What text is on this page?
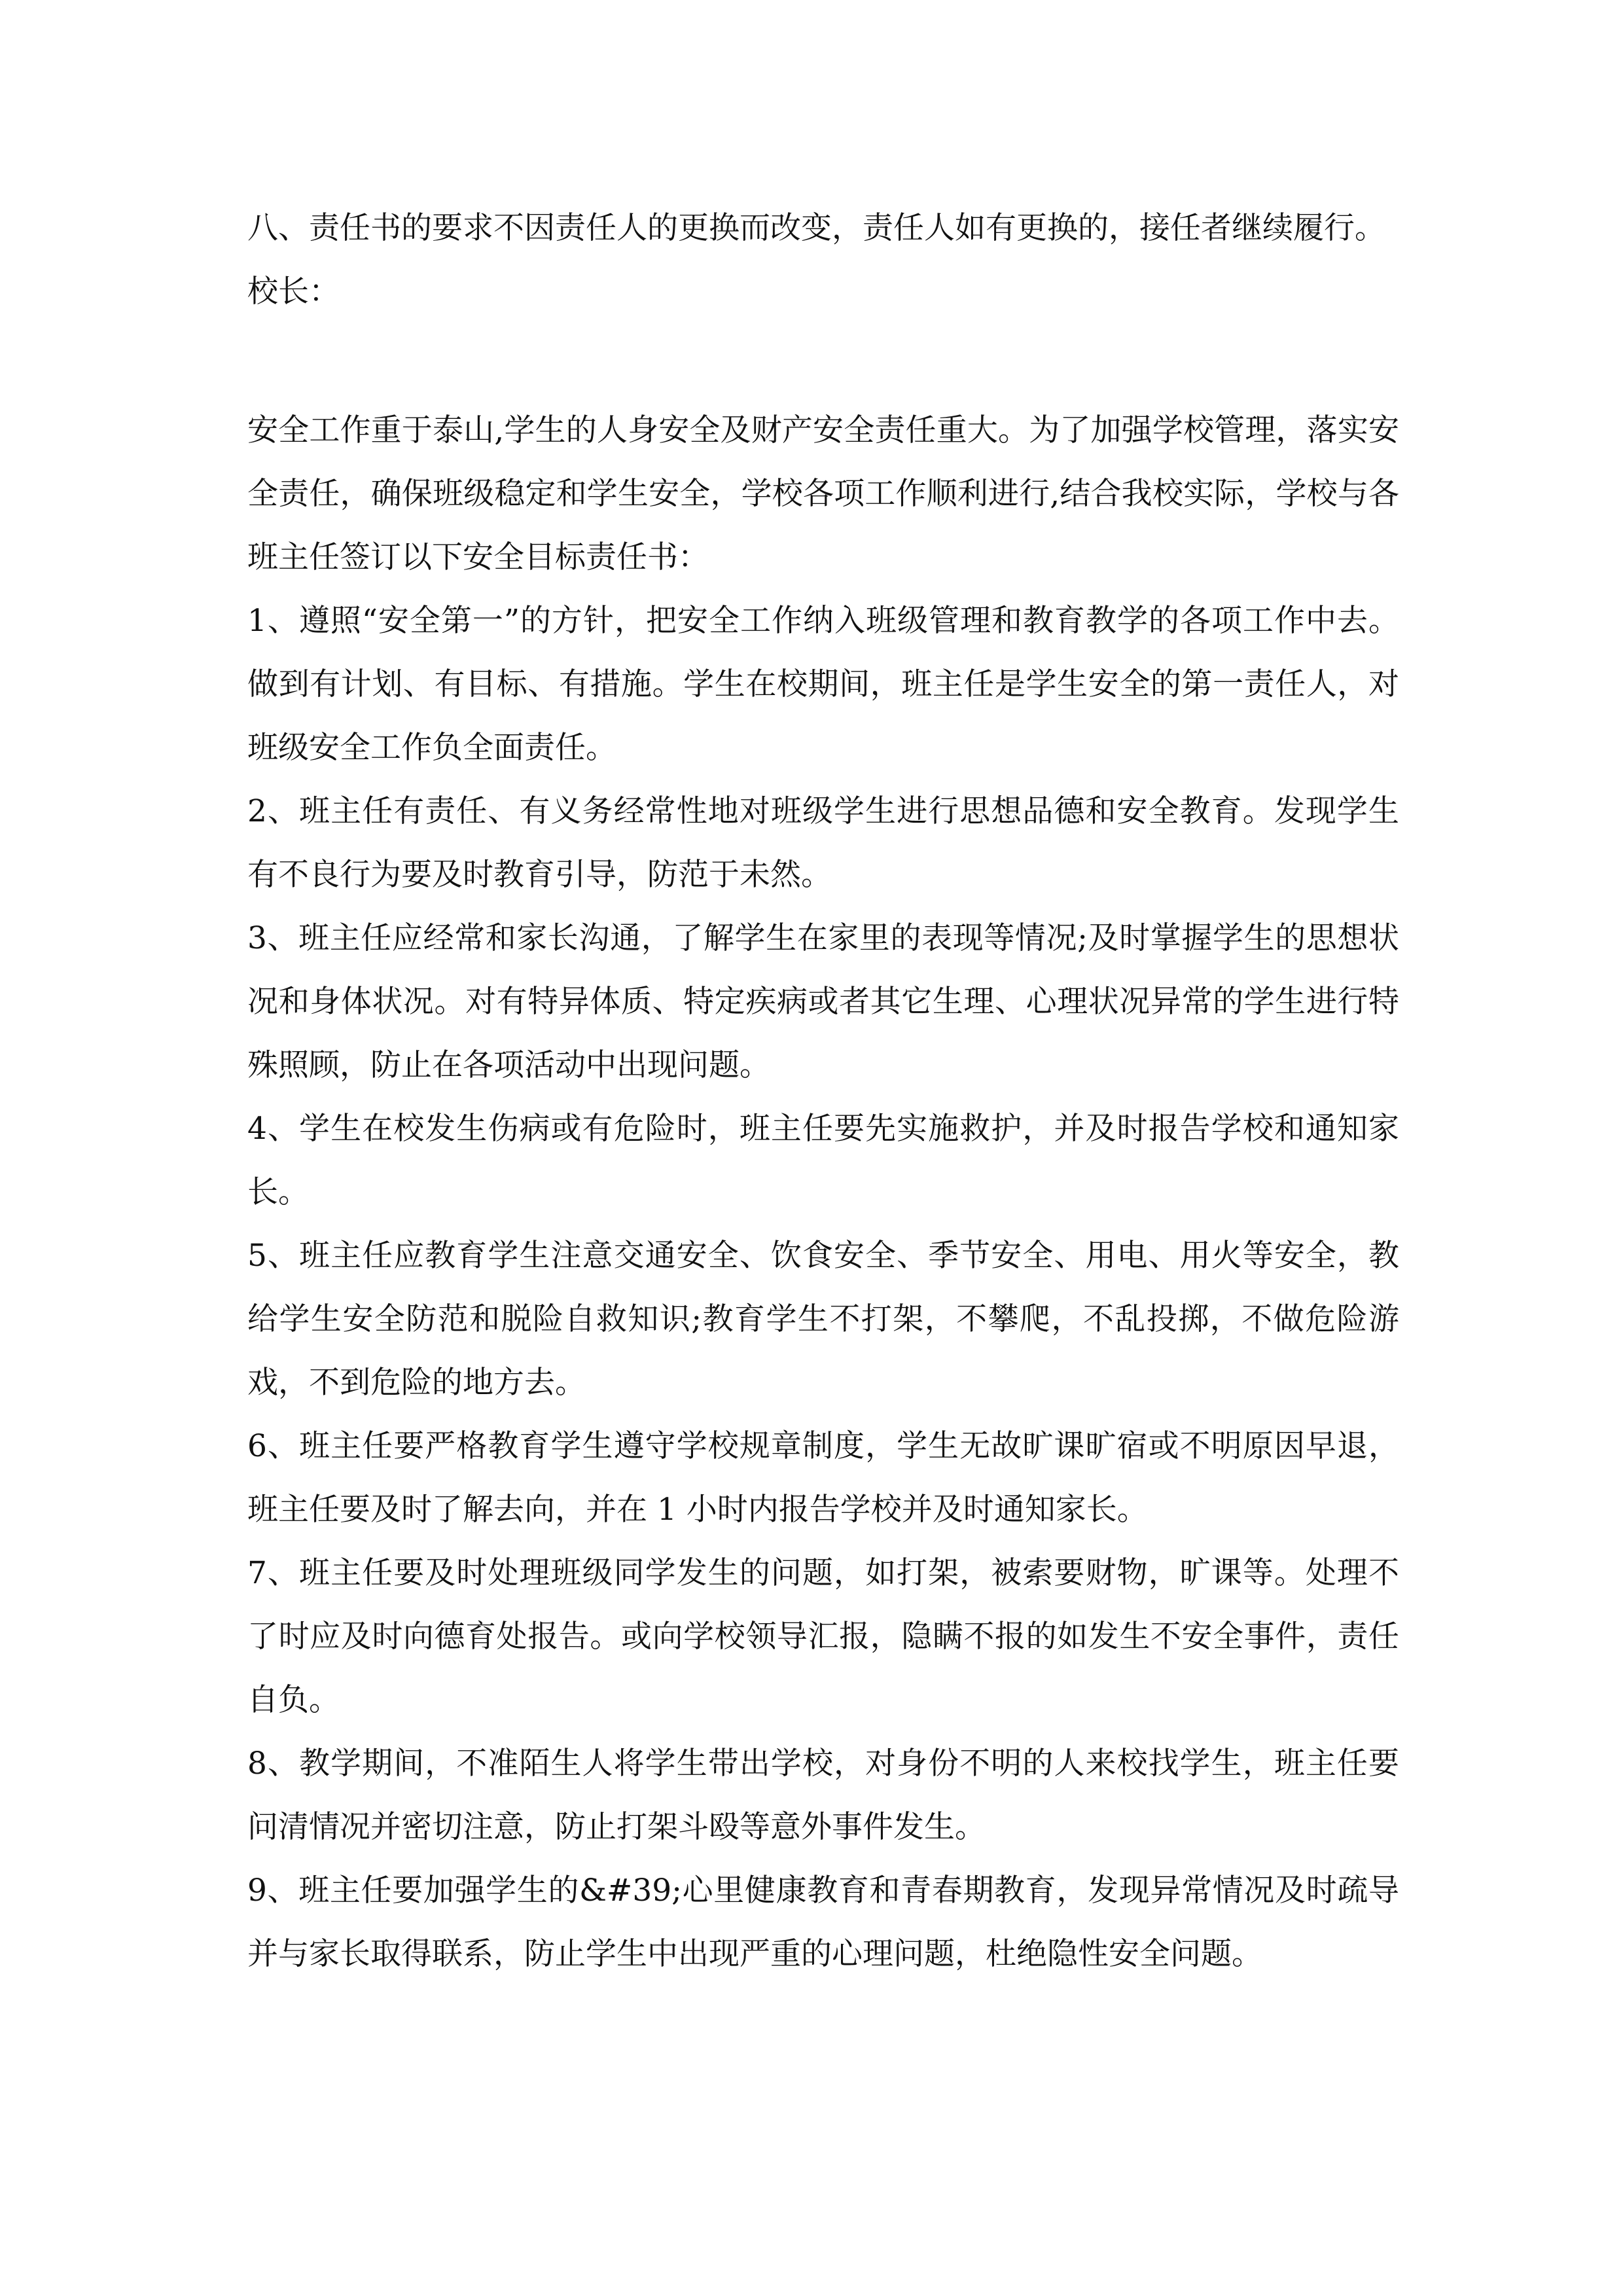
八、责任书的要求不因责任人的更换而改变，责任人如有更换的，接任者继续履行。

校长：

安全工作重于泰山,学生的人身安全及财产安全责任重大。为了加强学校管理，落实安全责任，确保班级稳定和学生安全，学校各项工作顺利进行,结合我校实际，学校与各班主任签订以下安全目标责任书：

1、遵照“安全第一”的方针，把安全工作纳入班级管理和教育教学的各项工作中去。做到有计划、有目标、有措施。学生在校期间，班主任是学生安全的第一责任人，对班级安全工作负全面责任。

2、班主任有责任、有义务经常性地对班级学生进行思想品德和安全教育。发现学生有不良行为要及时教育引导，防范于未然。

3、班主任应经常和家长沟通，了解学生在家里的表现等情况;及时掌握学生的思想状况和身体状况。对有特异体质、特定疾病或者其它生理、心理状况异常的学生进行特殊照顾，防止在各项活动中出现问题。

4、学生在校发生伤病或有危险时，班主任要先实施救护，并及时报告学校和通知家长。

5、班主任应教育学生注意交通安全、饮食安全、季节安全、用电、用火等安全，教给学生安全防范和脱险自救知识;教育学生不打架，不攀爬，不乱投掷，不做危险游戏，不到危险的地方去。

6、班主任要严格教育学生遵守学校规章制度，学生无故旷课旷宿或不明原因早退，班主任要及时了解去向，并在 1 小时内报告学校并及时通知家长。

7、班主任要及时处理班级同学发生的问题，如打架，被索要财物，旷课等。处理不了时应及时向德育处报告。或向学校领导汇报，隐瞒不报的如发生不安全事件，责任自负。

8、教学期间，不准陌生人将学生带出学校，对身份不明的人来校找学生，班主任要问清情况并密切注意，防止打架斗殴等意外事件发生。

9、班主任要加强学生的&#39;心里健康教育和青春期教育，发现异常情况及时疏导并与家长取得联系，防止学生中出现严重的心理问题，杜绝隐性安全问题。
